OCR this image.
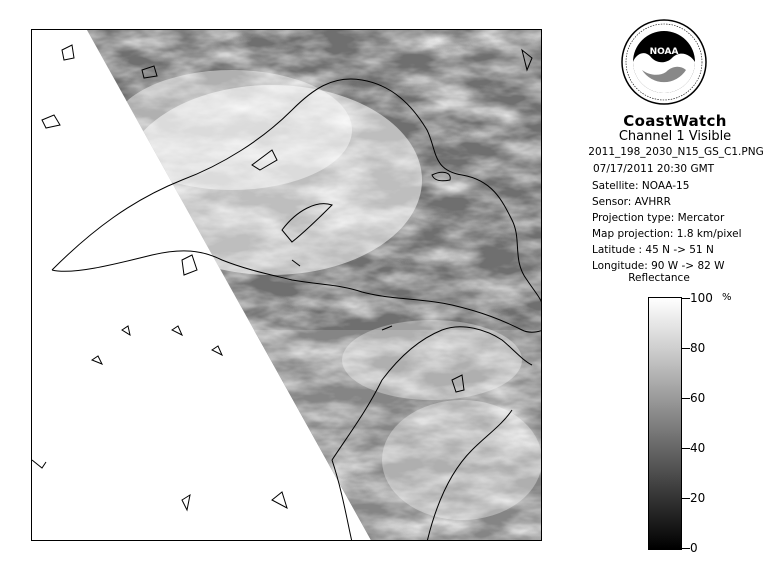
NOAA
CoastWatch
Channel 1 Visible
2011_198_2030_N15_GS_C1.PNG
07/17/2011 20:30 GMT
Satellite: NOAA-15
Sensor: AVHRR
Projection type: Mercator
Map projection: 1.8 km/pixel
Latitude : 45 N -> 51 N
Longitude: 90 W -> 82 W
Reflectance
%
100
80
60
40
20
0
